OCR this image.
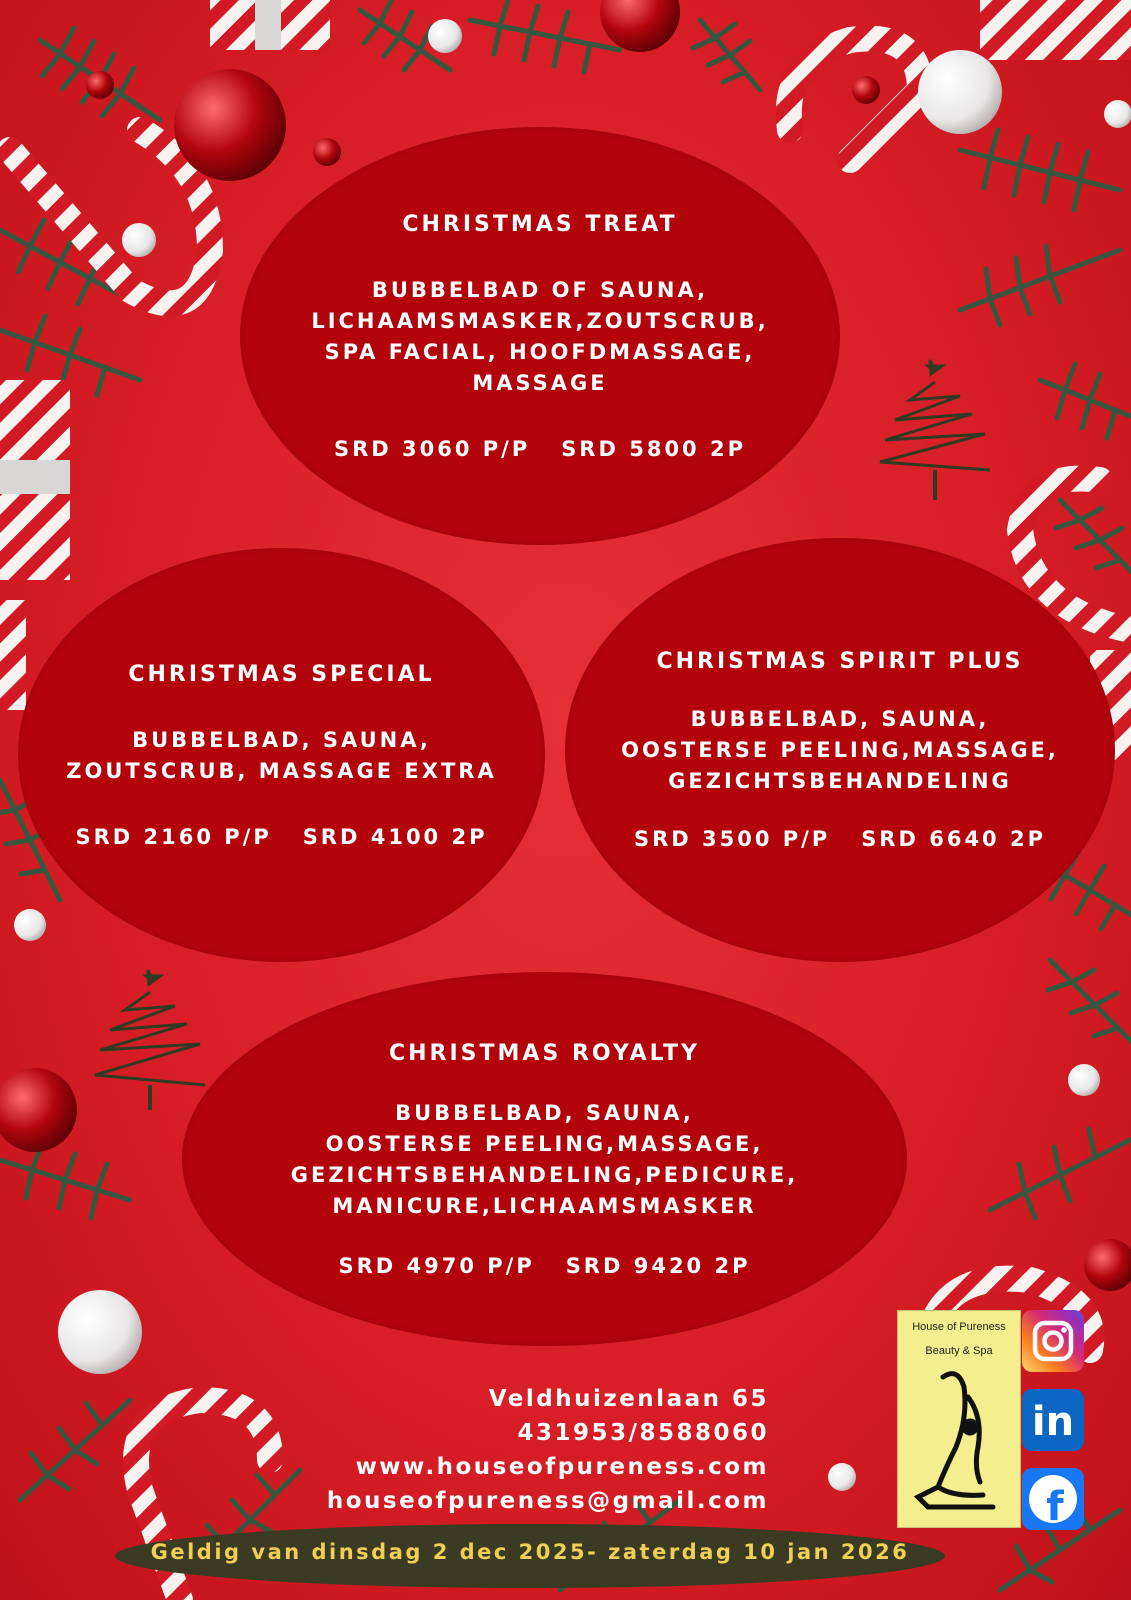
CHRISTMAS TREAT
BUBBELBAD OF SAUNA,
LICHAAMSMASKER,ZOUTSCRUB,
SPA FACIAL, HOOFDMASSAGE,
MASSAGE
SRD 3060 P/P SRD 5800 2P
CHRISTMAS SPECIAL
BUBBELBAD, SAUNA,
ZOUTSCRUB, MASSAGE EXTRA
SRD 2160 P/P SRD 4100 2P
CHRISTMAS SPIRIT PLUS
BUBBELBAD, SAUNA,
OOSTERSE PEELING,MASSAGE,
GEZICHTSBEHANDELING
SRD 3500 P/P SRD 6640 2P
CHRISTMAS ROYALTY
BUBBELBAD, SAUNA,
OOSTERSE PEELING,MASSAGE,
GEZICHTSBEHANDELING,PEDICURE,
MANICURE,LICHAAMSMASKER
SRD 4970 P/P SRD 9420 2P
Veldhuizenlaan 65
431953/8588060
www.houseofpureness.com
houseofpureness@gmail.com
House of Pureness
Beauty & Spa
in
f
Geldig van dinsdag 2 dec 2025- zaterdag 10 jan 2026
